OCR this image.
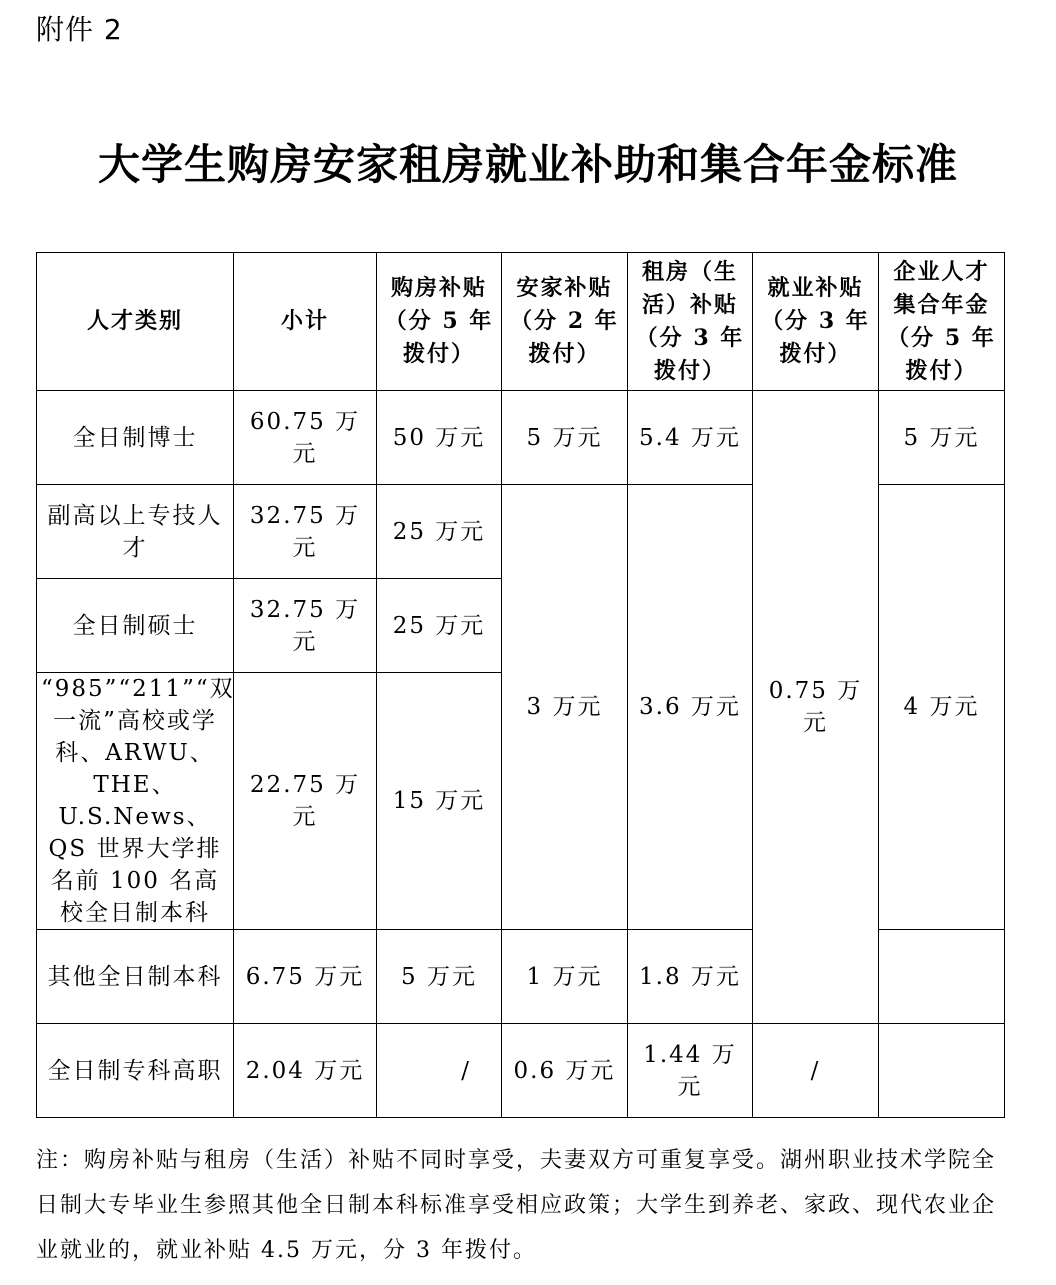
附件 2
大学生购房安家租房就业补助和集合年金标准
人才类别	小计	购房补贴（分 5 年拨付）	安家补贴（分 2 年拨付）	租房（生活）补贴（分 3 年拨付）	就业补贴（分 3 年拨付）	企业人才集合年金（分 5 年拨付）
全日制博士	60.75 万元	50 万元	5 万元	5.4 万元	0.75 万元	5 万元
副高以上专技人才	32.75 万元	25 万元	3 万元	3.6 万元		4 万元
全日制硕士	32.75 万元	25 万元				
“985”“211”“双一流”高校或学科、ARWU、THE、U.S.News、QS 世界大学排名前 100 名高校全日制本科	22.75 万元	15 万元				
其他全日制本科	6.75 万元	5 万元	1 万元	1.8 万元		
全日制专科高职	2.04 万元	/	0.6 万元	1.44 万元	/	
注：购房补贴与租房（生活）补贴不同时享受，夫妻双方可重复享受。湖州职业技术学院全日制大专毕业生参照其他全日制本科标准享受相应政策；大学生到养老、家政、现代农业企业就业的，就业补贴 4.5 万元，分 3 年拨付。
